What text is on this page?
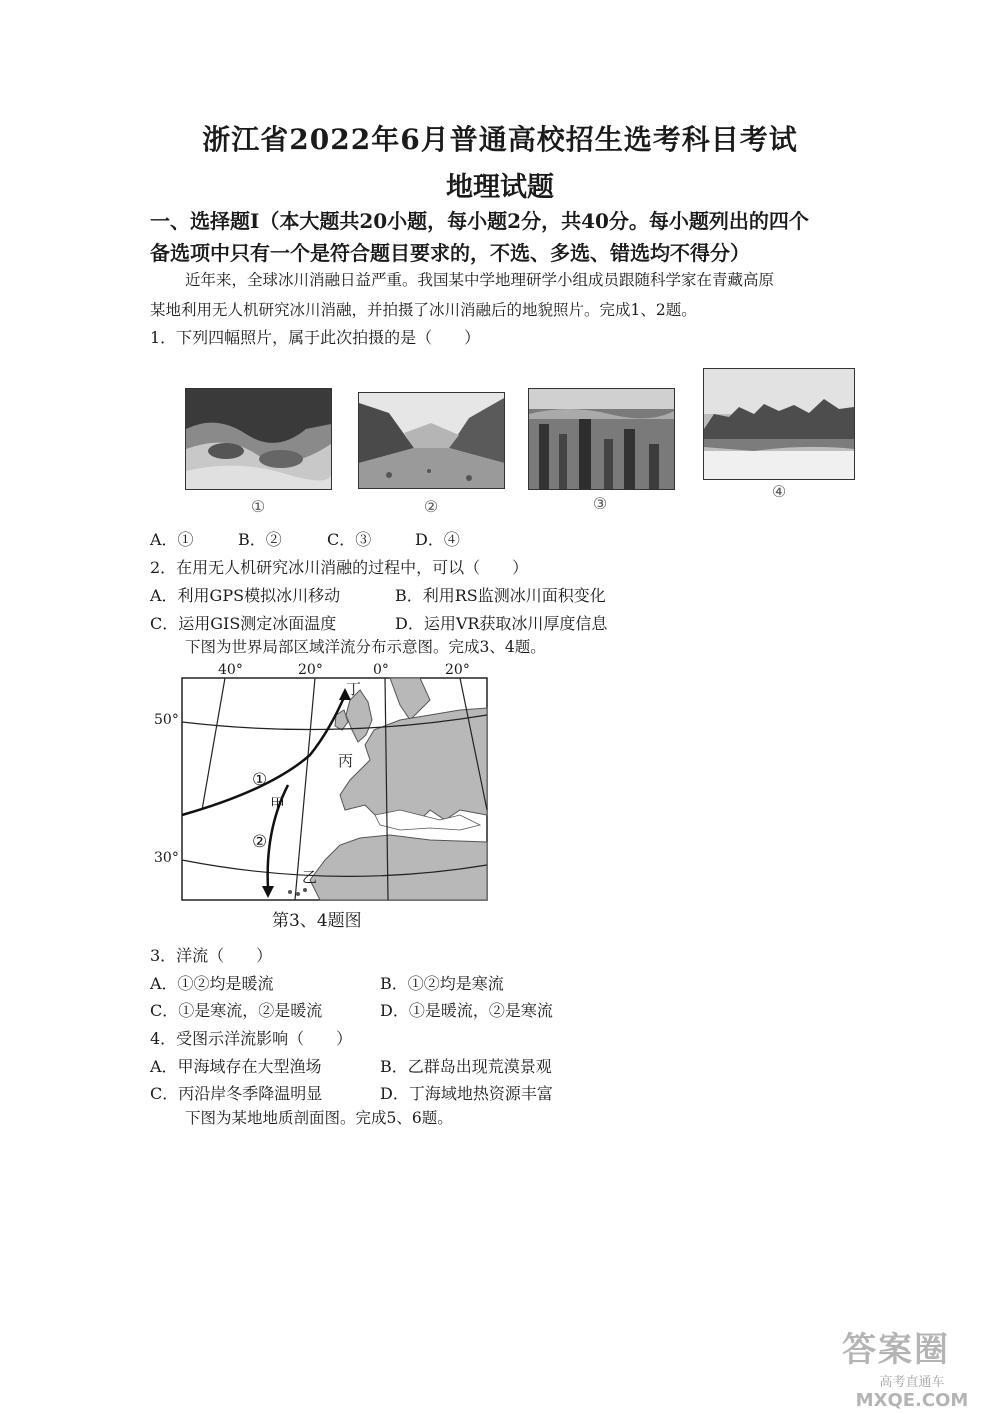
浙江省2022年6月普通高校招生选考科目考试
地理试题
一、选择题Ⅰ（本大题共20小题，每小题2分，共40分。每小题列出的四个
备选项中只有一个是符合题目要求的，不选、多选、错选均不得分）
近年来，全球冰川消融日益严重。我国某中学地理研学小组成员跟随科学家在青藏高原
某地利用无人机研究冰川消融，并拍摄了冰川消融后的地貌照片。完成1、2题。
1．下列四幅照片，属于此次拍摄的是（　　）
①	②	③
④
A．①	B．②	C．③	D．④
2．在用无人机研究冰川消融的过程中，可以（　　）
A．利用GPS模拟冰川移动	B．利用RS监测冰川面积变化
C．运用GIS测定冰面温度	D．运用VR获取冰川厚度信息
下图为世界局部区域洋流分布示意图。完成3、4题。
40°	20°	0°	20°
50°
30°
丁
丙
甲
乙
①
②
第3、4题图
3．洋流（　　）
A．①②均是暖流	B．①②均是寒流
C．①是寒流，②是暖流	D．①是暖流，②是寒流
4．受图示洋流影响（　　）
A．甲海域存在大型渔场	B．乙群岛出现荒漠景观
C．丙沿岸冬季降温明显	D．丁海域地热资源丰富
下图为某地地质剖面图。完成5、6题。
答案圈
高考直通车
MXQE.COM
